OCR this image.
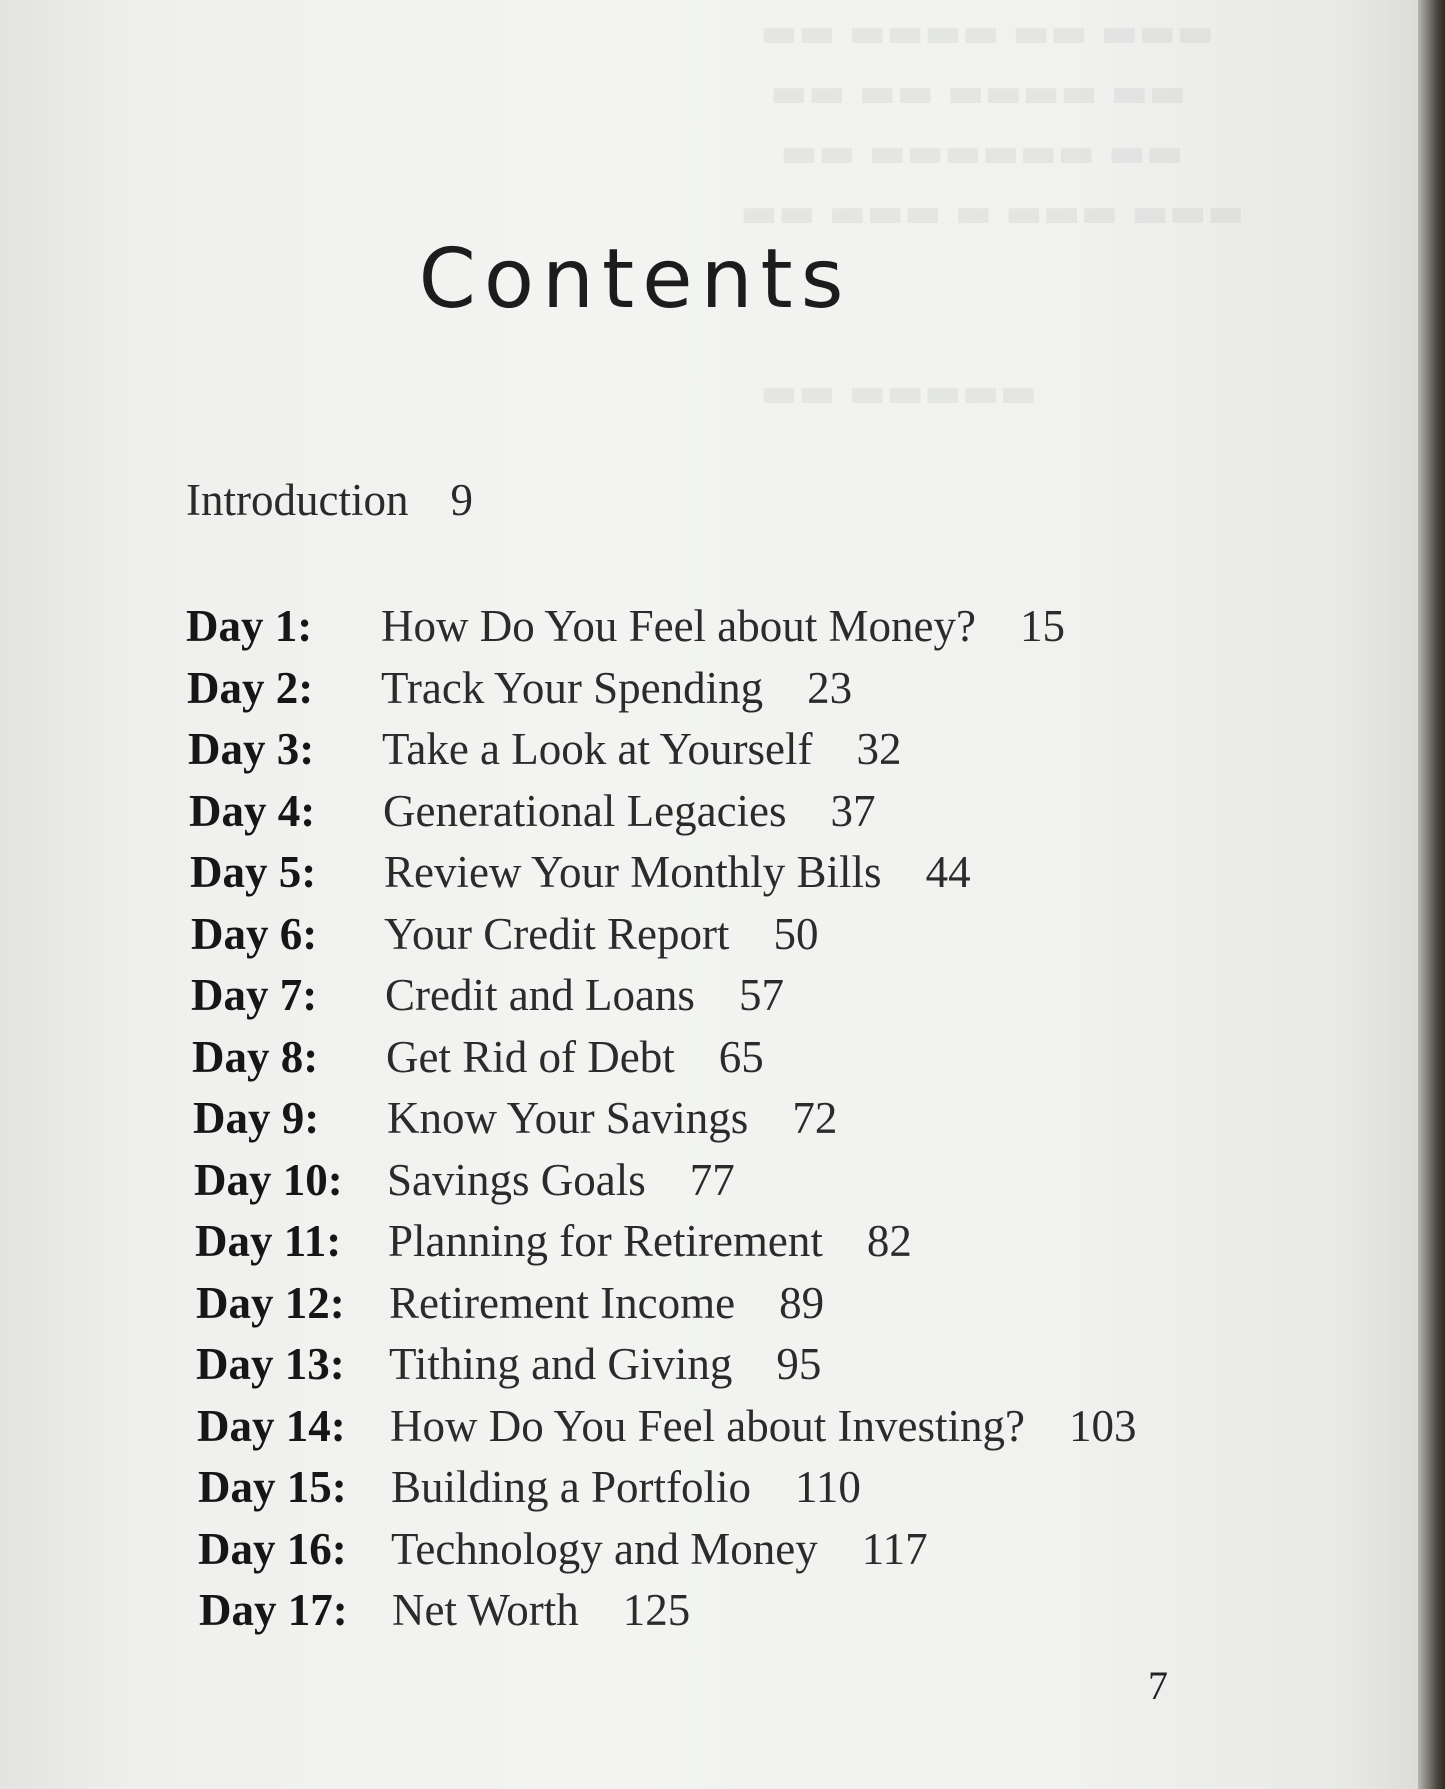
▬▬▬ ▬▬ ▬▬▬▬ ▬▬
▬▬ ▬▬▬▬ ▬▬ ▬▬
▬▬ ▬▬▬▬▬▬ ▬▬
▬▬▬ ▬▬▬ ▬ ▬▬▬ ▬▬
▬▬▬▬▬ ▬▬
Contents
Introduction 9
Day 1: How Do You Feel about Money? 15
Day 2: Track Your Spending 23
Day 3: Take a Look at Yourself 32
Day 4: Generational Legacies 37
Day 5: Review Your Monthly Bills 44
Day 6: Your Credit Report 50
Day 7: Credit and Loans 57
Day 8: Get Rid of Debt 65
Day 9: Know Your Savings 72
Day 10: Savings Goals 77
Day 11: Planning for Retirement 82
Day 12: Retirement Income 89
Day 13: Tithing and Giving 95
Day 14: How Do You Feel about Investing? 103
Day 15: Building a Portfolio 110
Day 16: Technology and Money 117
Day 17: Net Worth 125
7
